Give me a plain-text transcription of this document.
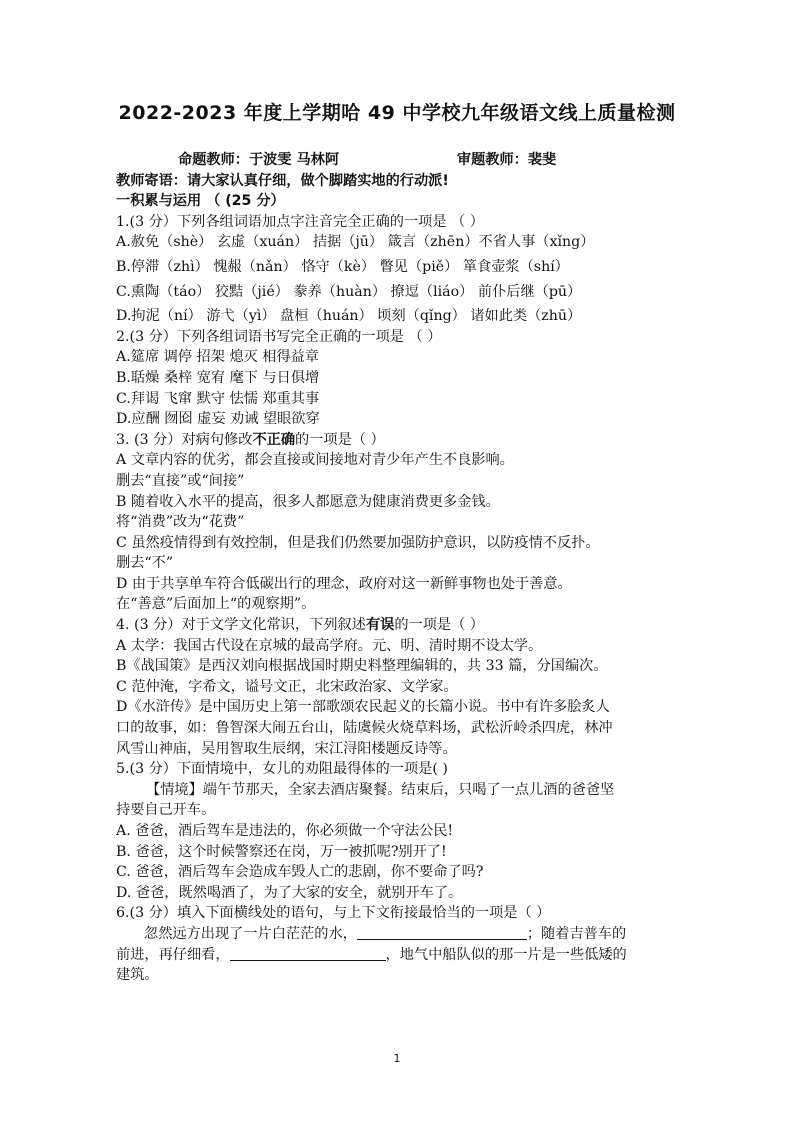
2022-2023 年度上学期哈 49 中学校九年级语文线上质量检测
命题教师：于波雯 马林阿	审题教师：裴斐
教师寄语：请大家认真仔细，做个脚踏实地的行动派!
一积累与运用 （ (25 分）
1.(3 分）下列各组词语加点字注音完全正确的一项是 （ ）
A.赦免（shè） 玄虚（xuán） 拮据（jū） 箴言（zhēn）不省人事（xǐng）
B.停滞（zhì） 愧赧（nǎn） 恪守（kè） 瞥见（piě） 箪食壶浆（shí）
C.熏陶（táo） 狡黠（jié） 豢养（huàn） 撩逗（liáo） 前仆后继（pū）
D.拘泥（ní） 游弋（yì） 盘桓（huán） 顷刻（qǐng） 诸如此类（zhū）
2.(3 分）下列各组词语书写完全正确的一项是 （ ）
A.筵席 调停 招架 熄灭 相得益章
B.聒燥 桑梓 宽宥 麾下 与日俱增
C.拜谒 飞窜 默守 怯懦 郑重其事
D.应酬 囫囵 虚妄 劝诫 望眼欲穿
3. (3 分）对病句修改不正确的一项是（ ）
A 文章内容的优劣，都会直接或间接地对青少年产生不良影响。
删去“直接”或“间接”
B 随着收入水平的提高，很多人都愿意为健康消费更多金钱。
将“消费”改为“花费”
C 虽然疫情得到有效控制，但是我们仍然要加强防护意识，以防疫情不反扑。
删去“不”
D 由于共享单车符合低碳出行的理念，政府对这一新鲜事物也处于善意。
在“善意”后面加上“的观察期”。
4. (3 分）对于文学文化常识，下列叙述有误的一项是（ ）
A 太学：我国古代设在京城的最高学府。元、明、清时期不设太学。
B《战国策》是西汉刘向根据战国时期史料整理编辑的，共 33 篇，分国编次。
C 范仲淹，字希文，谥号文正，北宋政治家、文学家。
D《水浒传》是中国历史上第一部歌颂农民起义的长篇小说。书中有许多脍炙人
口的故事，如：鲁智深大闹五台山，陆虞候火烧草料场，武松沂岭杀四虎，林冲
风雪山神庙，吴用智取生辰纲，宋江浔阳楼题反诗等。
5.(3 分）下面情境中，女儿的劝阻最得体的一项是( )
【情境】端午节那天，全家去酒店聚餐。结束后，只喝了一点儿酒的爸爸坚
持要自己开车。
A. 爸爸，酒后驾车是违法的，你必须做一个守法公民!
B. 爸爸，这个时候警察还在岗，万一被抓呢?别开了!
C. 爸爸，酒后驾车会造成车毁人亡的悲剧，你不要命了吗?
D. 爸爸，既然喝酒了，为了大家的安全，就别开车了。
6.(3 分）填入下面横线处的语句，与上下文衔接最恰当的一项是（ ）
忽然远方出现了一片白茫茫的水，	；随着吉普车的
前进，再仔细看，	，地气中船队似的那一片是一些低矮的
建筑。
1
